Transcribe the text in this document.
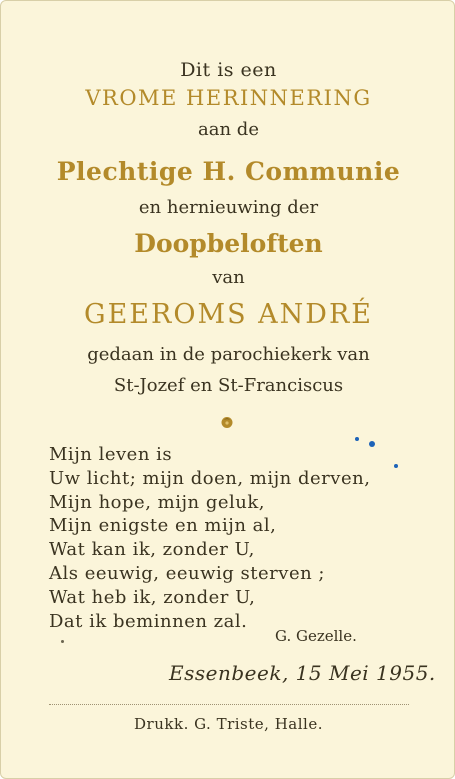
Dit is een
VROME HERINNERING
aan de
Plechtige H. Communie
en hernieuwing der
Doopbeloften
van
GEEROMS ANDRÉ
gedaan in de parochiekerk van
St-Jozef en St-Franciscus
Mijn leven is
Uw licht; mijn doen, mijn derven,
Mijn hope, mijn geluk,
Mijn enigste en mijn al,
Wat kan ik, zonder U,
Als eeuwig, eeuwig sterven ;
Wat heb ik, zonder U,
Dat ik beminnen zal.
G. Gezelle.
Essenbeek, 15 Mei 1955.
Drukk. G. Triste, Halle.
